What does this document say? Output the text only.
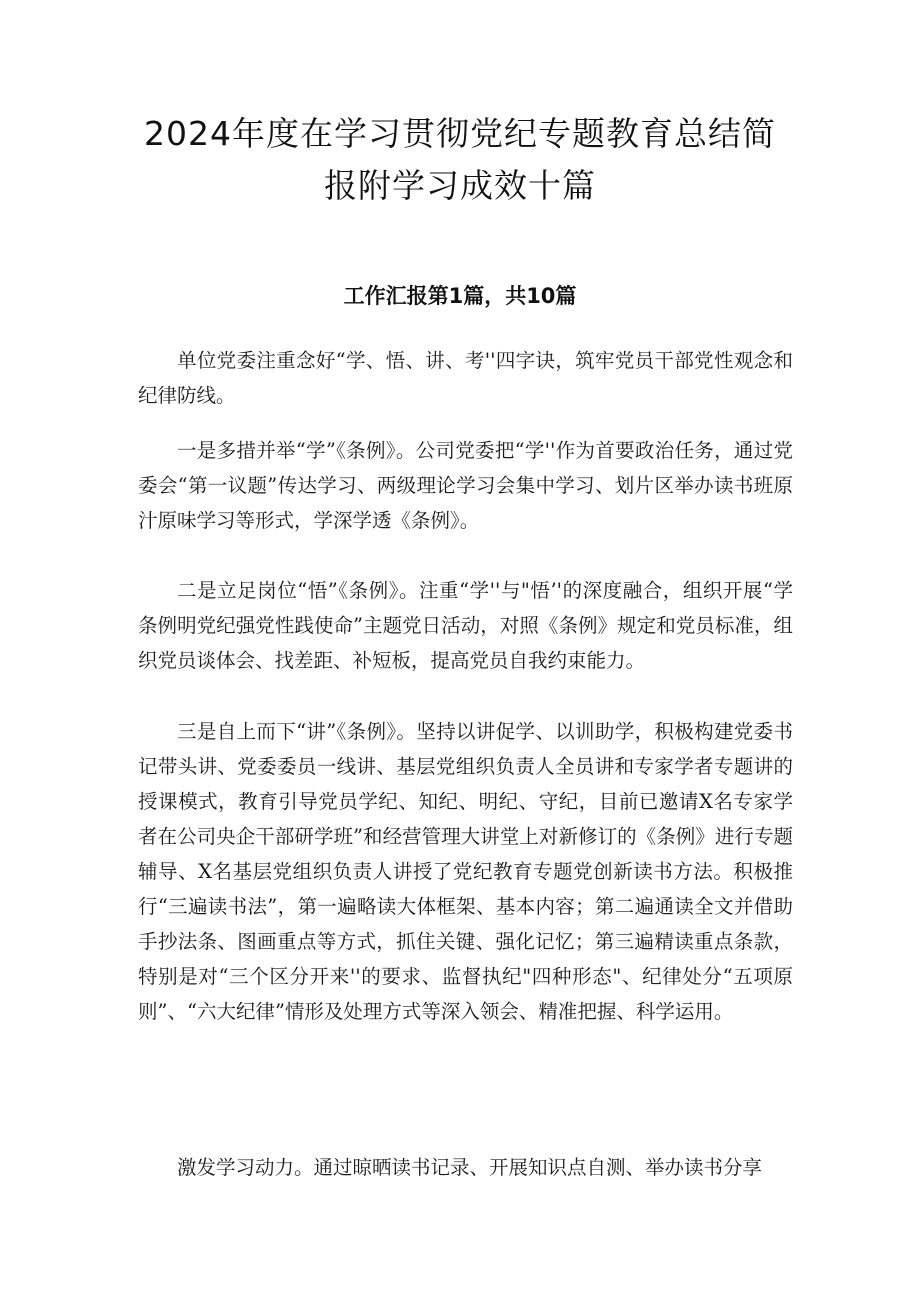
2024年度在学习贯彻党纪专题教育总结简报附学习成效十篇
工作汇报第1篇，共10篇

单位党委注重念好“学、悟、讲、考''四字诀，筑牢党员干部党性观念和纪律防线。

一是多措并举“学”《条例》。公司党委把“学''作为首要政治任务，通过党委会“第一议题”传达学习、两级理论学习会集中学习、划片区举办读书班原汁原味学习等形式，学深学透《条例》。

二是立足岗位“悟”《条例》。注重“学''与"悟’'的深度融合，组织开展“学条例明党纪强党性践使命”主题党日活动，对照《条例》规定和党员标准，组织党员谈体会、找差距、补短板，提高党员自我约束能力。

三是自上而下“讲”《条例》。坚持以讲促学、以训助学，积极构建党委书记带头讲、党委委员一线讲、基层党组织负责人全员讲和专家学者专题讲的授课模式，教育引导党员学纪、知纪、明纪、守纪，目前已邀请X名专家学者在公司央企干部研学班”和经营管理大讲堂上对新修订的《条例》进行专题辅导、X名基层党组织负责人讲授了党纪教育专题党创新读书方法。积极推行“三遍读书法”，第一遍略读大体框架、基本内容；第二遍通读全文并借助手抄法条、图画重点等方式，抓住关键、强化记忆；第三遍精读重点条款，特别是对“三个区分开来''的要求、监督执纪"四种形态"、纪律处分“五项原则”、“六大纪律”情形及处理方式等深入领会、精准把握、科学运用。

激发学习动力。通过晾晒读书记录、开展知识点自测、举办读书分享
